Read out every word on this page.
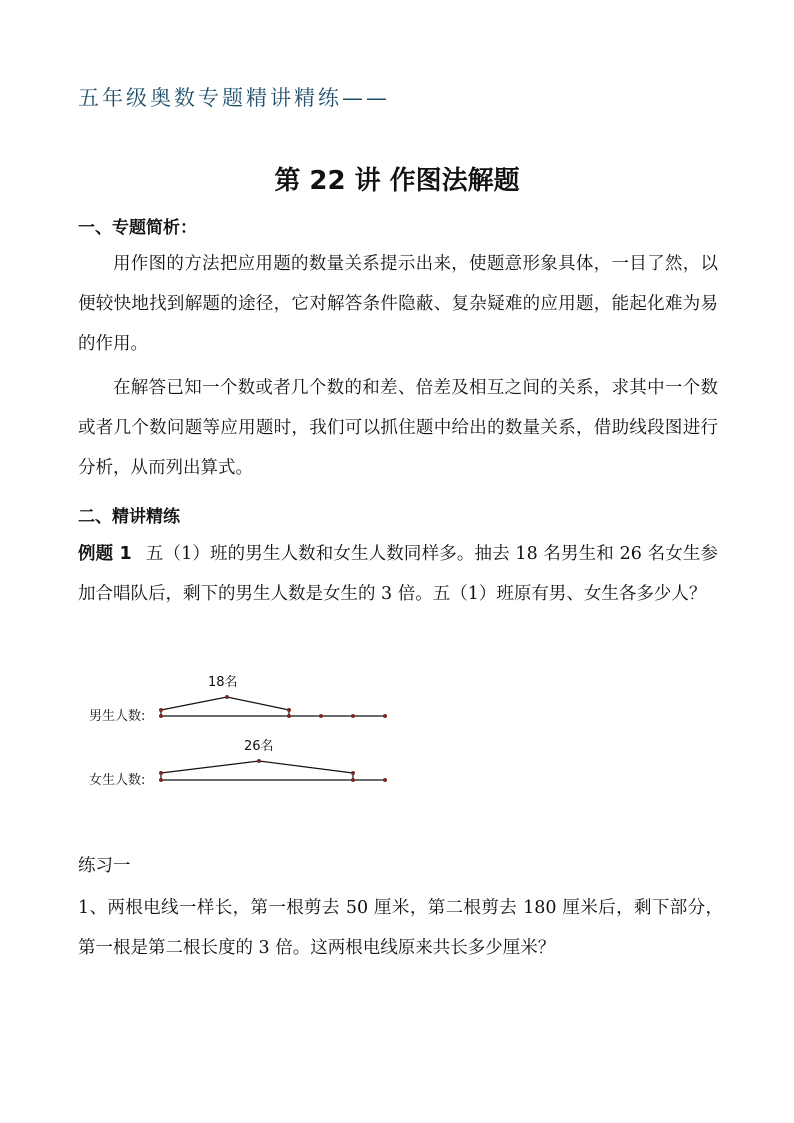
五年级奥数专题精讲精练——
第 22 讲 作图法解题
一、专题简析：
用作图的方法把应用题的数量关系提示出来，使题意形象具体，一目了然，以便较快地找到解题的途径，它对解答条件隐蔽、复杂疑难的应用题，能起化难为易的作用。
在解答已知一个数或者几个数的和差、倍差及相互之间的关系，求其中一个数或者几个数问题等应用题时，我们可以抓住题中给出的数量关系，借助线段图进行分析，从而列出算式。
二、精讲精练
例题 1 五（1）班的男生人数和女生人数同样多。抽去 18 名男生和 26 名女生参加合唱队后，剩下的男生人数是女生的 3 倍。五（1）班原有男、女生各多少人？
男生人数:
18名
女生人数:
26名
练习一
1、两根电线一样长，第一根剪去 50 厘米，第二根剪去 180 厘米后，剩下部分，第一根是第二根长度的 3 倍。这两根电线原来共长多少厘米？
